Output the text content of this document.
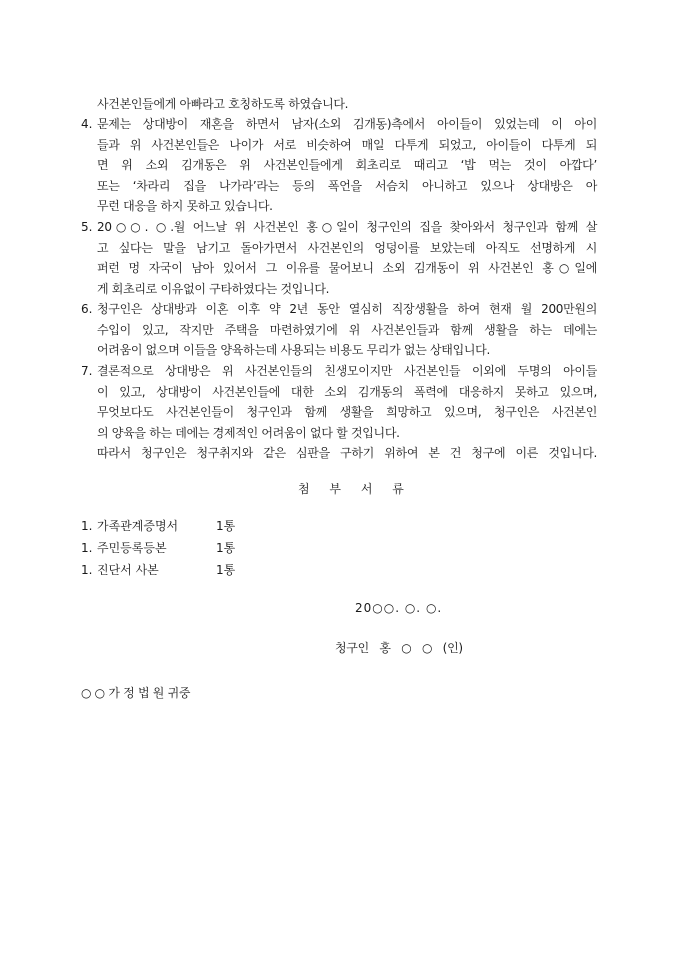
사건본인들에게 아빠라고 호칭하도록 하였습니다.
4. 문제는 상대방이 재혼을 하면서 남자(소외 김개동)측에서 아이들이 있었는데 이 아이
들과 위 사건본인들은 나이가 서로 비슷하여 매일 다투게 되었고, 아이들이 다투게 되
면 위 소외 김개동은 위 사건본인들에게 회초리로 때리고 ‘밥 먹는 것이 아깝다’
또는 ‘차라리 집을 나가라’라는 등의 폭언을 서슴치 아니하고 있으나 상대방은 아
무런 대응을 하지 못하고 있습니다.
5. 20○○. ○.월 어느날 위 사건본인 홍○일이 청구인의 집을 찾아와서 청구인과 함께 살
고 싶다는 말을 남기고 돌아가면서 사건본인의 엉덩이를 보았는데 아직도 선명하게 시
퍼런 멍 자국이 남아 있어서 그 이유를 물어보니 소외 김개동이 위 사건본인 홍○일에
게 회초리로 이유없이 구타하였다는 것입니다.
6. 청구인은 상대방과 이혼 이후 약 2년 동안 열심히 직장생활을 하여 현재 월 200만원의
수입이 있고, 작지만 주택을 마련하였기에 위 사건본인들과 함께 생활을 하는 데에는
어려움이 없으며 이들을 양육하는데 사용되는 비용도 무리가 없는 상태입니다.
7. 결론적으로 상대방은 위 사건본인들의 친생모이지만 사건본인들 이외에 두명의 아이들
이 있고, 상대방이 사건본인들에 대한 소외 김개동의 폭력에 대응하지 못하고 있으며,
무엇보다도 사건본인들이 청구인과 함께 생활을 희망하고 있으며, 청구인은 사건본인
의 양육을 하는 데에는 경제적인 어려움이 없다 할 것입니다.
따라서 청구인은 청구취지와 같은 심판을 구하기 위하여 본 건 청구에 이른 것입니다.
첨 부 서 류
1. 가족관계증명서	1통
1. 주민등록등본	1통
1. 진단서 사본	1통
20○○. ○. ○.
청구인   홍   ○   ○   (인)
○ ○ 가 정 법 원 귀중
